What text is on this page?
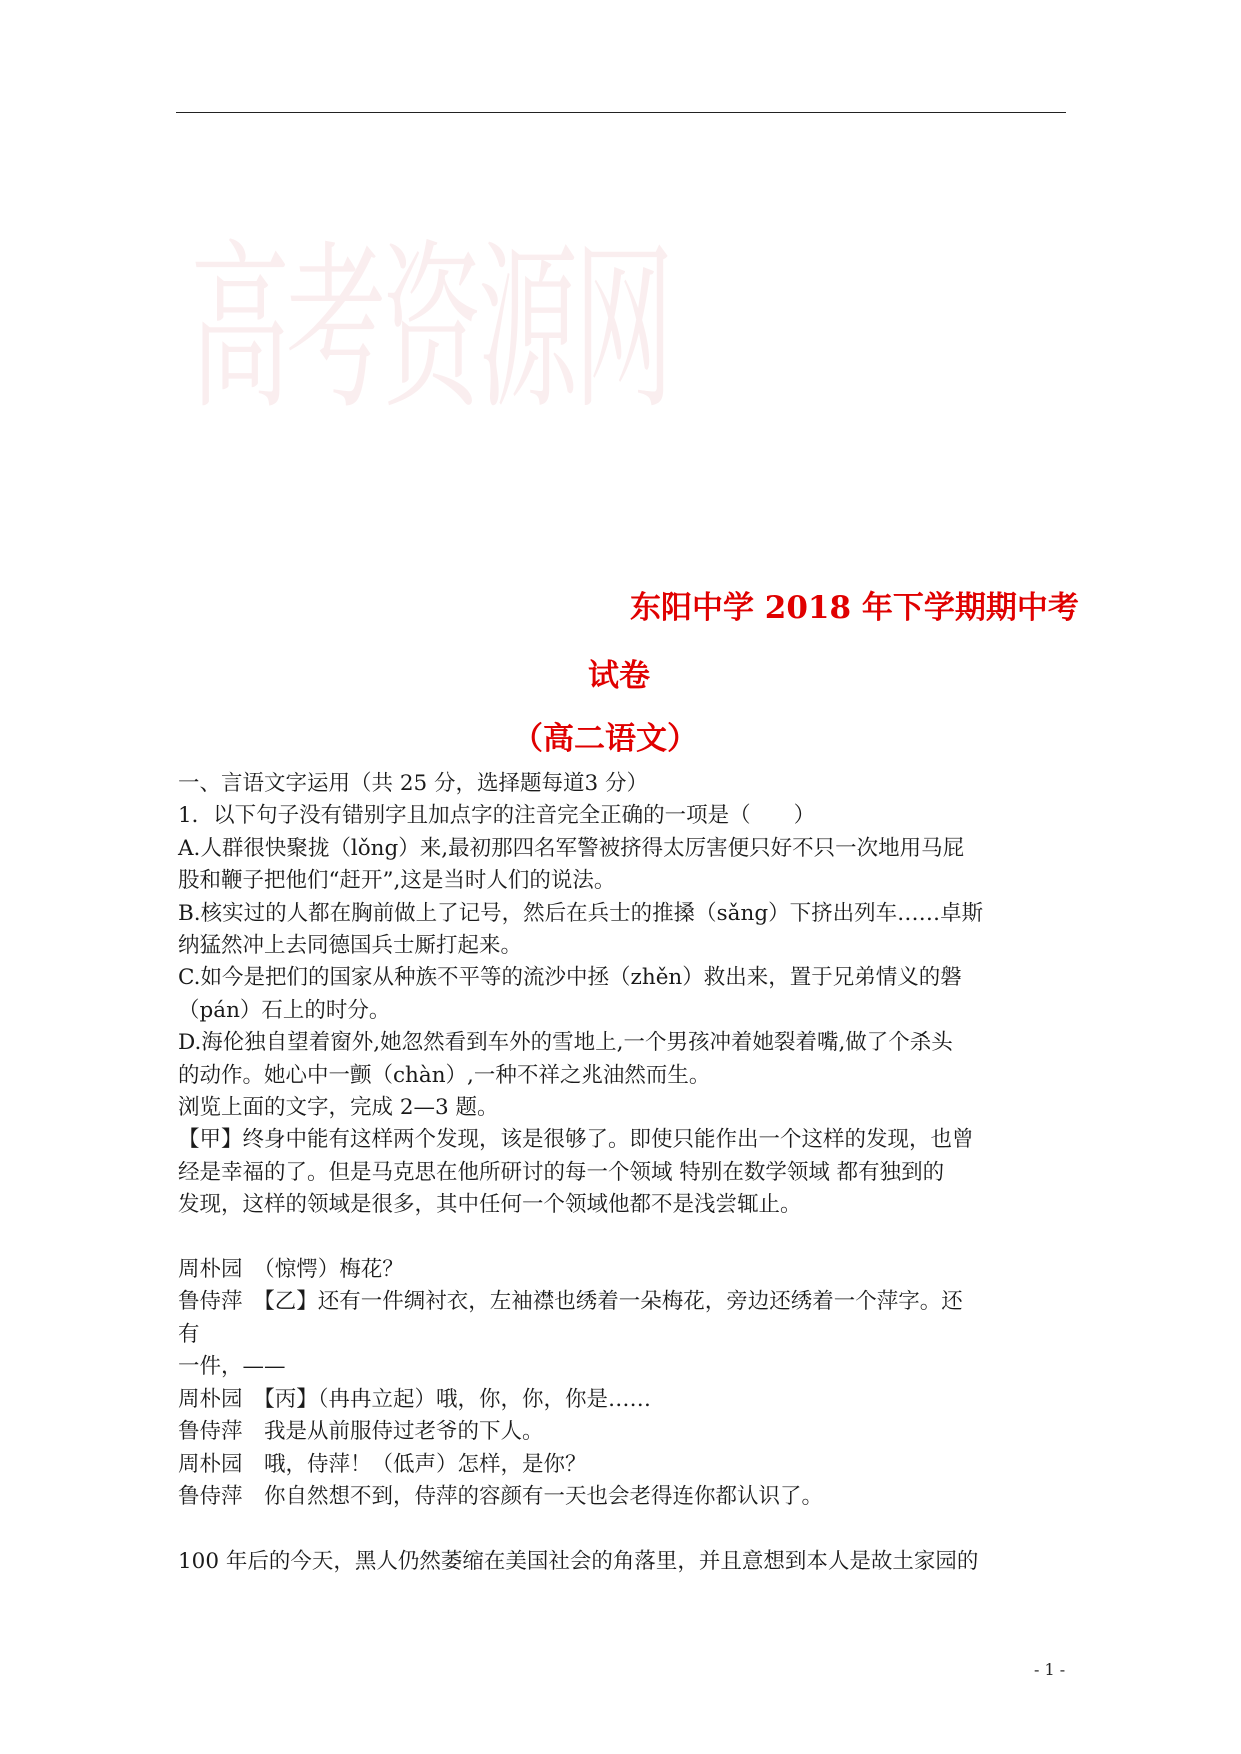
高考资源网
东阳中学 2018 年下学期期中考
试卷
（高二语文）

一、言语文字运用（共 25 分，选择题每道3 分）

1．以下句子没有错别字且加点字的注音完全正确的一项是（　　）

A.人群很快聚拢（lǒng）来,最初那四名军警被挤得太厉害便只好不只一次地用马屁

股和鞭子把他们“赶开”,这是当时人们的说法。

B.核实过的人都在胸前做上了记号，然后在兵士的推搡（sǎng）下挤出列车……卓斯

纳猛然冲上去同德国兵士厮打起来。

C.如今是把们的国家从种族不平等的流沙中拯（zhěn）救出来，置于兄弟情义的磐

（pán）石上的时分。

D.海伦独自望着窗外,她忽然看到车外的雪地上,一个男孩冲着她裂着嘴,做了个杀头

的动作。她心中一颤（chàn）,一种不祥之兆油然而生。

浏览上面的文字，完成 2—3 题。

【甲】终身中能有这样两个发现，该是很够了。即使只能作出一个这样的发现，也曾

经是幸福的了。但是马克思在他所研讨的每一个领域 特别在数学领域 都有独到的

发现，这样的领域是很多，其中任何一个领域他都不是浅尝辄止。

周朴园　（惊愕）梅花？

鲁侍萍　【乙】还有一件绸衬衣，左袖襟也绣着一朵梅花，旁边还绣着一个萍字。还

有

一件，——

周朴园　【丙】（冉冉立起）哦，你，你，你是……

鲁侍萍　我是从前服侍过老爷的下人。

周朴园　哦，侍萍！（低声）怎样，是你？

鲁侍萍　你自然想不到，侍萍的容颜有一天也会老得连你都认识了。

100 年后的今天，黑人仍然萎缩在美国社会的角落里，并且意想到本人是故土家园的

- 1 -
